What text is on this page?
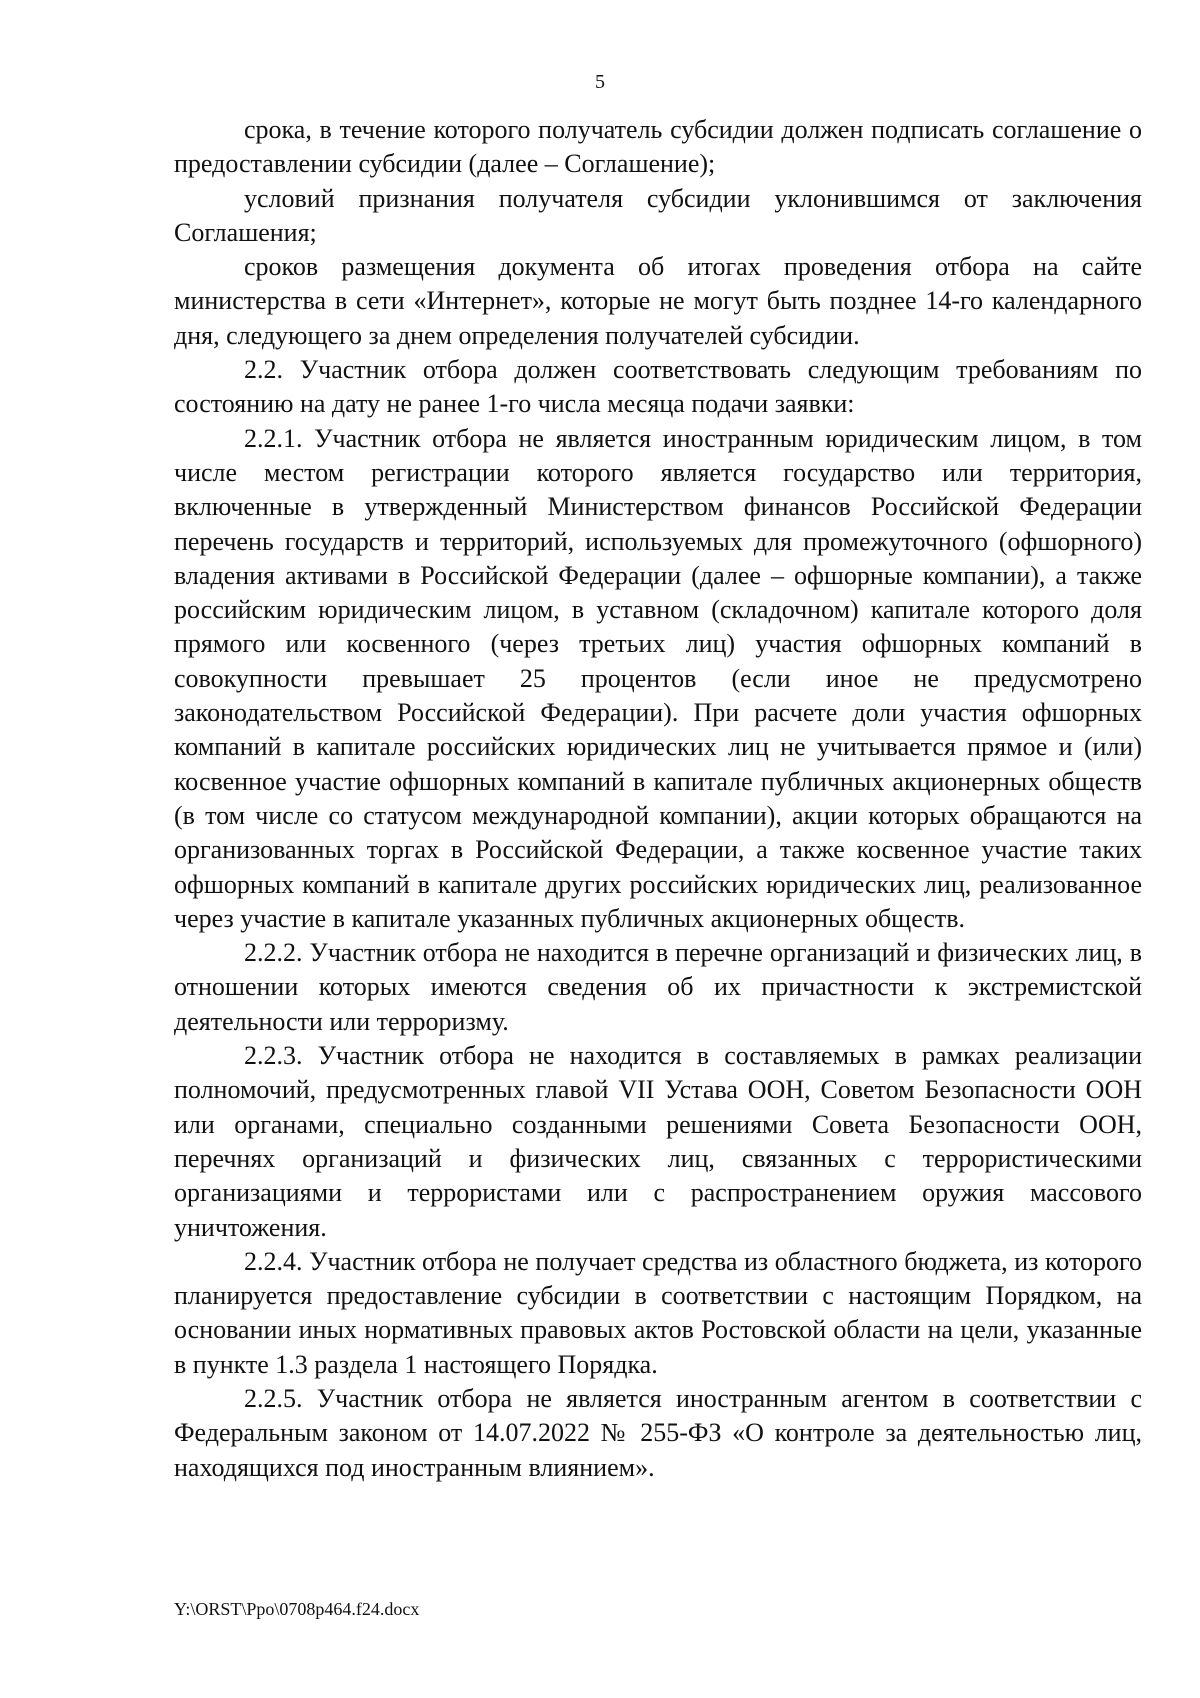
5

срока, в течение которого получатель субсидии должен подписать соглашение о предоставлении субсидии (далее – Соглашение);

условий признания получателя субсидии уклонившимся от заключения Соглашения;

сроков размещения документа об итогах проведения отбора на сайте министерства в сети «Интернет», которые не могут быть позднее 14-го календарного дня, следующего за днем определения получателей субсидии.

2.2. Участник отбора должен соответствовать следующим требованиям по состоянию на дату не ранее 1-го числа месяца подачи заявки:

2.2.1. Участник отбора не является иностранным юридическим лицом, в том числе местом регистрации которого является государство или территория, включенные в утвержденный Министерством финансов Российской Федерации перечень государств и территорий, используемых для промежуточного (офшорного) владения активами в Российской Федерации (далее – офшорные компании), а также российским юридическим лицом, в уставном (складочном) капитале которого доля прямого или косвенного (через третьих лиц) участия офшорных компаний в совокупности превышает 25 процентов (если иное не предусмотрено законодательством Российской Федерации). При расчете доли участия офшорных компаний в капитале российских юридических лиц не учитывается прямое и (или) косвенное участие офшорных компаний в капитале публичных акционерных обществ (в том числе со статусом международной компании), акции которых обращаются на организованных торгах в Российской Федерации, а также косвенное участие таких офшорных компаний в капитале других российских юридических лиц, реализованное через участие в капитале указанных публичных акционерных обществ.

2.2.2. Участник отбора не находится в перечне организаций и физических лиц, в отношении которых имеются сведения об их причастности к экстремистской деятельности или терроризму.

2.2.3. Участник отбора не находится в составляемых в рамках реализации полномочий, предусмотренных главой VII Устава ООН, Советом Безопасности ООН или органами, специально созданными решениями Совета Безопасности ООН, перечнях организаций и физических лиц, связанных с террористическими организациями и террористами или с распространением оружия массового уничтожения.

2.2.4. Участник отбора не получает средства из областного бюджета, из которого планируется предоставление субсидии в соответствии с настоящим Порядком, на основании иных нормативных правовых актов Ростовской области на цели, указанные в пункте 1.3 раздела 1 настоящего Порядка.

2.2.5. Участник отбора не является иностранным агентом в соответствии с Федеральным законом от 14.07.2022 № 255-ФЗ «О контроле за деятельностью лиц, находящихся под иностранным влиянием».

Y:\ORST\Ppo\0708p464.f24.docx
